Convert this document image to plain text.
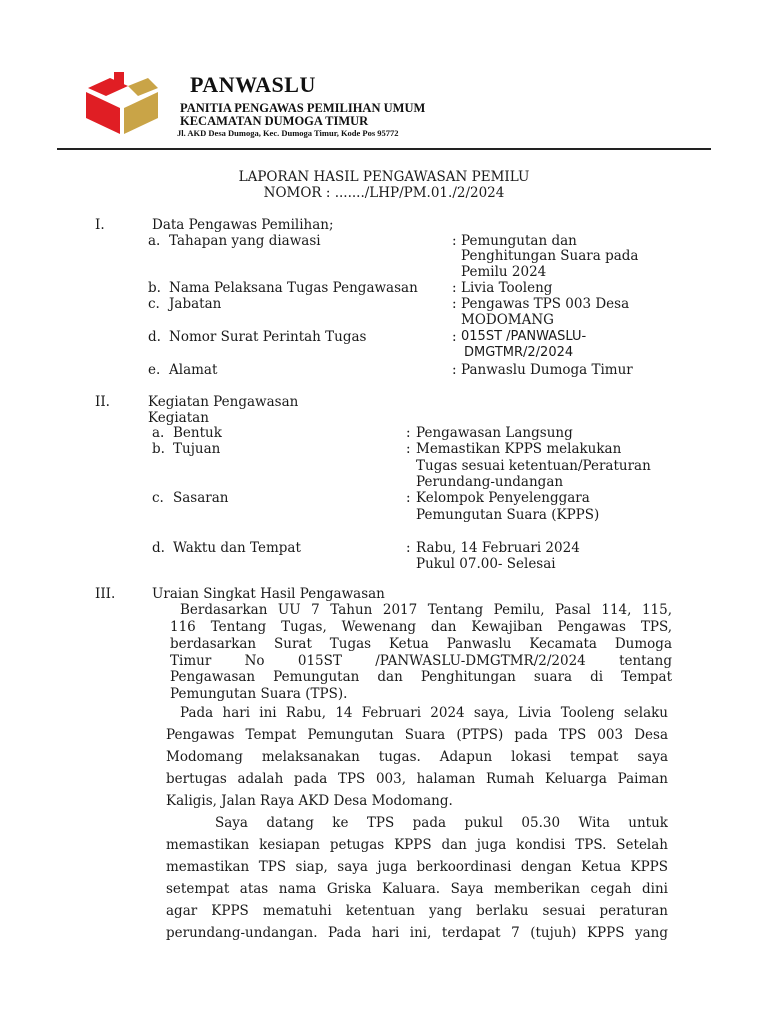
PANWASLU
PANITIA PENGAWAS PEMILIHAN UMUM
KECAMATAN DUMOGA TIMUR
Jl. AKD Desa Dumoga, Kec. Dumoga Timur, Kode Pos 95772
LAPORAN HASIL PENGAWASAN PEMILU
NOMOR : ......./LHP/PM.01./2/2024
I.	Data Pengawas Pemilihan;
a. Tahapan yang diawasi	: Pemungutan dan
Penghitungan Suara pada
Pemilu 2024
b. Nama Pelaksana Tugas Pengawasan	: Livia Tooleng
c. Jabatan	: Pengawas TPS 003 Desa
MODOMANG
d. Nomor Surat Perintah Tugas	: 015ST /PANWASLU-
DMGTMR/2/2024
e. Alamat	: Panwaslu Dumoga Timur
II.	Kegiatan Pengawasan
Kegiatan
a. Bentuk	: Pengawasan Langsung
b. Tujuan	: Memastikan KPPS melakukan
Tugas sesuai ketentuan/Peraturan
Perundang-undangan
c. Sasaran	: Kelompok Penyelenggara
Pemungutan Suara (KPPS)
d. Waktu dan Tempat	: Rabu, 14 Februari 2024
Pukul 07.00- Selesai
III.	Uraian Singkat Hasil Pengawasan
Berdasarkan UU 7 Tahun 2017 Tentang Pemilu, Pasal 114, 115,
116 Tentang Tugas, Wewenang dan Kewajiban Pengawas TPS,
berdasarkan Surat Tugas Ketua Panwaslu Kecamata Dumoga
Timur No 015ST /PANWASLU-DMGTMR/2/2024 tentang
Pengawasan Pemungutan dan Penghitungan suara di Tempat
Pemungutan Suara (TPS).
Pada hari ini Rabu, 14 Februari 2024 saya, Livia Tooleng selaku
Pengawas Tempat Pemungutan Suara (PTPS) pada TPS 003 Desa
Modomang melaksanakan tugas. Adapun lokasi tempat saya
bertugas adalah pada TPS 003, halaman Rumah Keluarga Paiman
Kaligis, Jalan Raya AKD Desa Modomang.
Saya datang ke TPS pada pukul 05.30 Wita untuk
memastikan kesiapan petugas KPPS dan juga kondisi TPS. Setelah
memastikan TPS siap, saya juga berkoordinasi dengan Ketua KPPS
setempat atas nama Griska Kaluara. Saya memberikan cegah dini
agar KPPS mematuhi ketentuan yang berlaku sesuai peraturan
perundang-undangan. Pada hari ini, terdapat 7 (tujuh) KPPS yang
